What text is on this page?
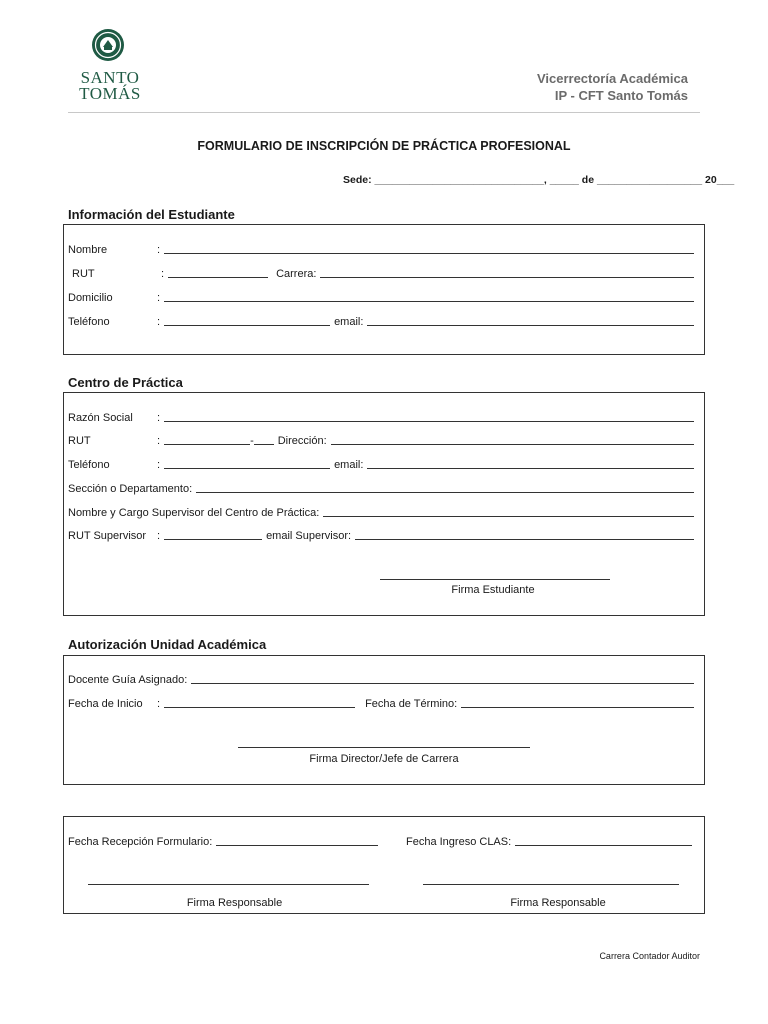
SANTO
TOMÁS
Vicerrectoría Académica
IP - CFT Santo Tomás
FORMULARIO DE INSCRIPCIÓN DE PRÁCTICA PROFESIONAL
Sede: _____________________________, _____ de __________________ 20___
Información del Estudiante
Nombre	:
RUT	:	Carrera:
Domicilio	:
Teléfono	:	email:
Centro de Práctica
Razón Social	:
RUT	:	- Dirección:
Teléfono	:	email:
Sección o Departamento:
Nombre y Cargo Supervisor del Centro de Práctica:
RUT Supervisor :	email Supervisor:
Firma Estudiante
Autorización Unidad Académica
Docente Guía Asignado:
Fecha de Inicio	:	Fecha de Término:
Firma Director/Jefe de Carrera
Fecha Recepción Formulario:	Fecha Ingreso CLAS:
Firma Responsable	Firma Responsable
Carrera Contador Auditor
